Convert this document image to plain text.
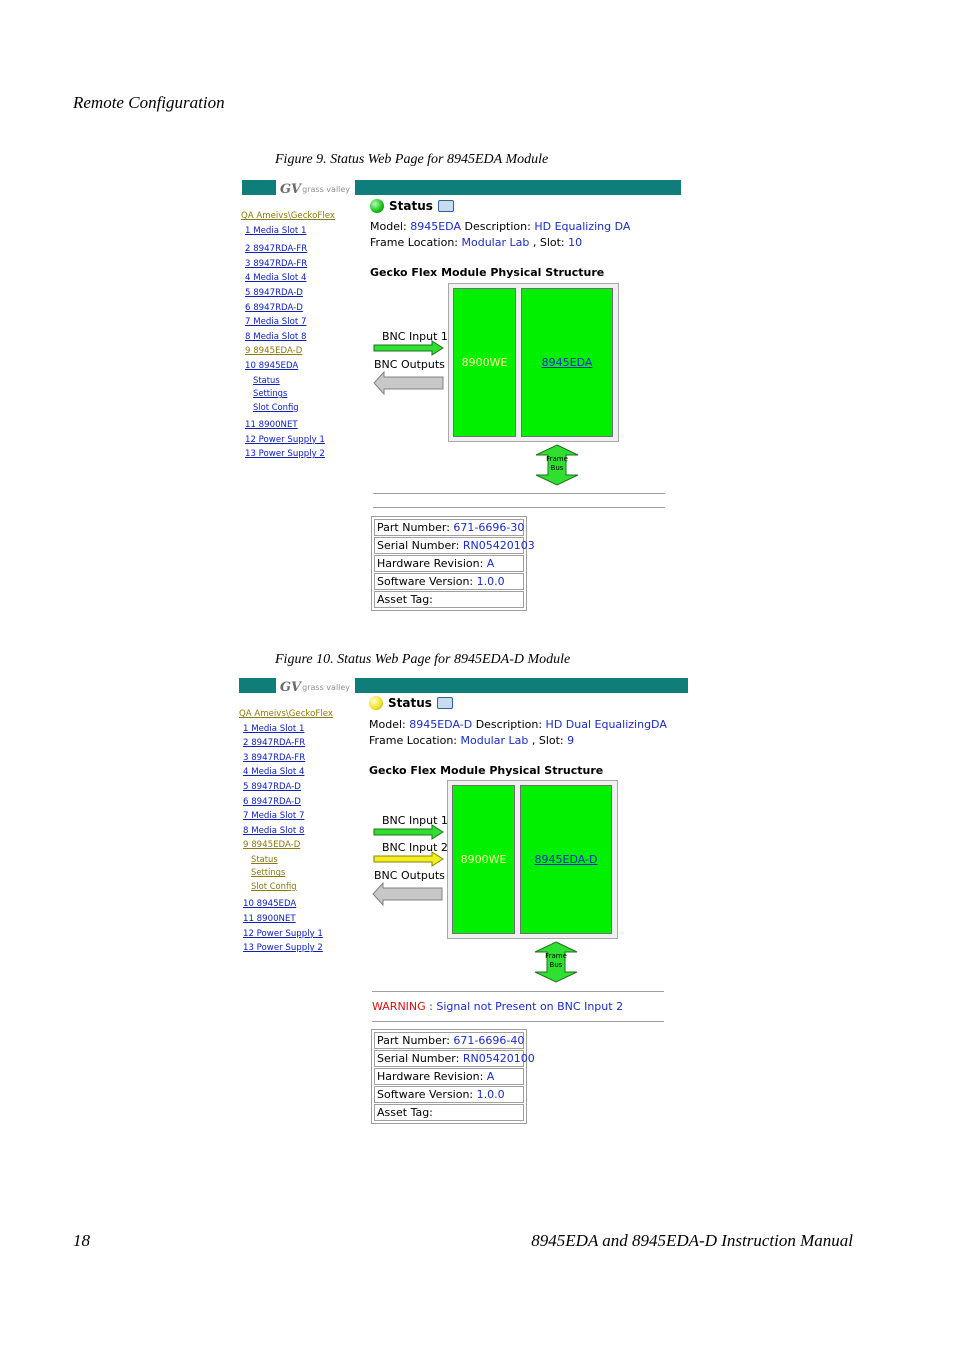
Remote Configuration
18	8945EDA and 8945EDA-D Instruction Manual
Figure 9. Status Web Page for 8945EDA Module
GV grass valley
QA Ameivs\GeckoFlex
1 Media Slot 1
2 8947RDA-FR
3 8947RDA-FR
4 Media Slot 4
5 8947RDA-D
6 8947RDA-D
7 Media Slot 7
8 Media Slot 8
9 8945EDA-D
10 8945EDA
Status
Settings
Slot Config
11 8900NET
12 Power Supply 1
13 Power Supply 2
Status
Model: 8945EDA Description: HD Equalizing DA
Frame Location: Modular Lab , Slot: 10
Gecko Flex Module Physical Structure
8900WE	8945EDA
BNC Input 1
BNC Outputs
Frame
Bus
Part Number: 671-6696-30
Serial Number: RN05420103
Hardware Revision: A
Software Version: 1.0.0
Asset Tag:
Figure 10. Status Web Page for 8945EDA-D Module
GV grass valley
QA Ameivs\GeckoFlex
1 Media Slot 1
2 8947RDA-FR
3 8947RDA-FR
4 Media Slot 4
5 8947RDA-D
6 8947RDA-D
7 Media Slot 7
8 Media Slot 8
9 8945EDA-D
Status
Settings
Slot Config
10 8945EDA
11 8900NET
12 Power Supply 1
13 Power Supply 2
Status
Model: 8945EDA-D Description: HD Dual EqualizingDA
Frame Location: Modular Lab , Slot: 9
Gecko Flex Module Physical Structure
8900WE	8945EDA-D
BNC Input 1
BNC Input 2
BNC Outputs
Frame
Bus
WARNING : Signal not Present on BNC Input 2
Part Number: 671-6696-40
Serial Number: RN05420100
Hardware Revision: A
Software Version: 1.0.0
Asset Tag:
